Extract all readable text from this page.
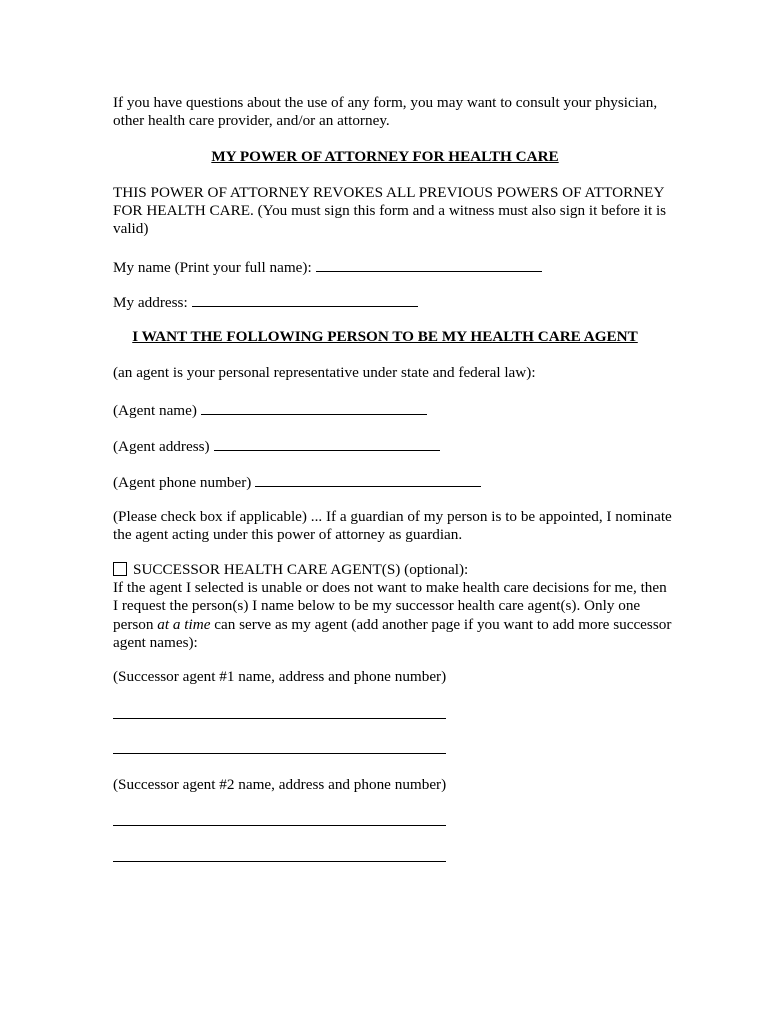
If you have questions about the use of any form, you may want to consult your physician, other health care provider, and/or an attorney.

MY POWER OF ATTORNEY FOR HEALTH CARE

THIS POWER OF ATTORNEY REVOKES ALL PREVIOUS POWERS OF ATTORNEY FOR HEALTH CARE. (You must sign this form and a witness must also sign it before it is valid)

My name (Print your full name):

My address:

I WANT THE FOLLOWING PERSON TO BE MY HEALTH CARE AGENT

(an agent is your personal representative under state and federal law):

(Agent name)

(Agent address)

(Agent phone number)

(Please check box if applicable) ... If a guardian of my person is to be appointed, I nominate the agent acting under this power of attorney as guardian.

SUCCESSOR HEALTH CARE AGENT(S) (optional):
If the agent I selected is unable or does not want to make health care decisions for me, then I request the person(s) I name below to be my successor health care agent(s). Only one person at a time can serve as my agent (add another page if you want to add more successor agent names):

(Successor agent #1 name, address and phone number)

(Successor agent #2 name, address and phone number)
